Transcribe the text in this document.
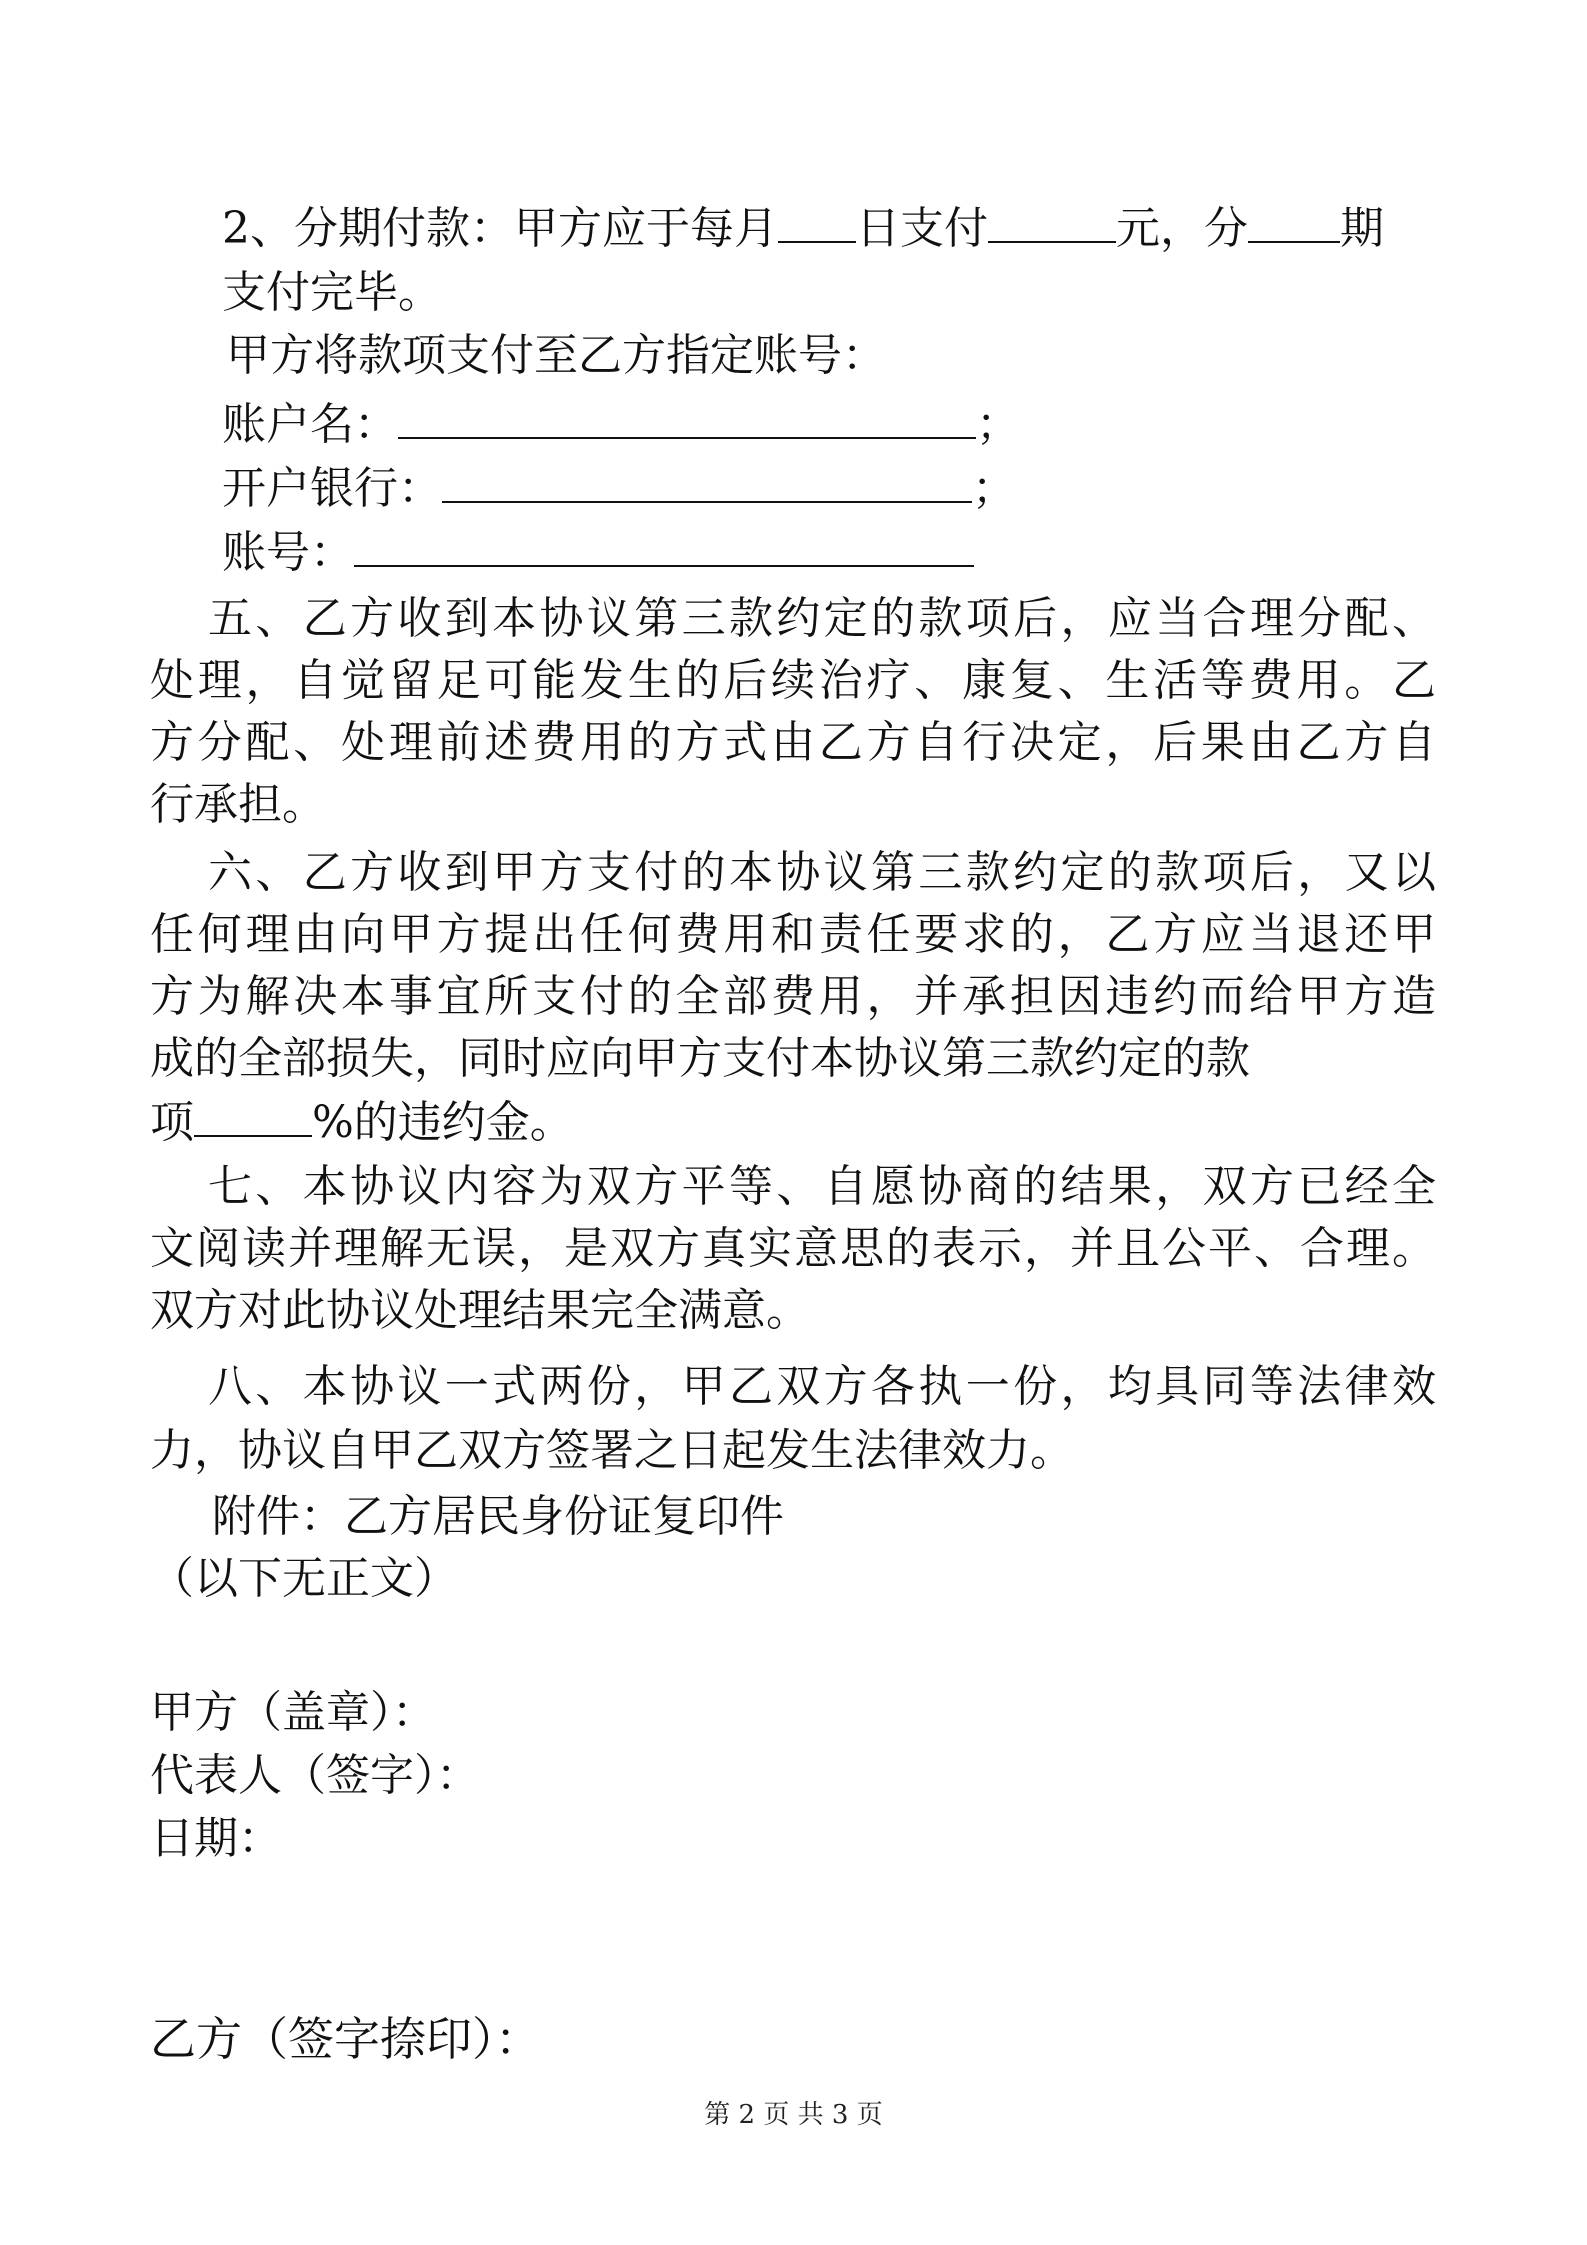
2、分期付款：甲方应于每月 日支付	元，分 期
支付完毕。
甲方将款项支付至乙方指定账号：
账户名：	；
开户银行：	；
账号：
五、乙方收到本协议第三款约定的款项后，应当合理分配、
处理，自觉留足可能发生的后续治疗、康复、生活等费用。乙
方分配、处理前述费用的方式由乙方自行决定，后果由乙方自
行承担。
六、乙方收到甲方支付的本协议第三款约定的款项后，又以
任何理由向甲方提出任何费用和责任要求的，乙方应当退还甲
方为解决本事宜所支付的全部费用，并承担因违约而给甲方造
成的全部损失，同时应向甲方支付本协议第三款约定的款
项	%的违约金。
七、本协议内容为双方平等、自愿协商的结果，双方已经全
文阅读并理解无误，是双方真实意思的表示，并且公平、合理。
双方对此协议处理结果完全满意。
八、本协议一式两份，甲乙双方各执一份，均具同等法律效
力，协议自甲乙双方签署之日起发生法律效力。
附件：乙方居民身份证复印件
（以下无正文）
甲方（盖章）：
代表人（签字）：
日期：
乙方（签字捺印）：
第 2 页 共 3 页
